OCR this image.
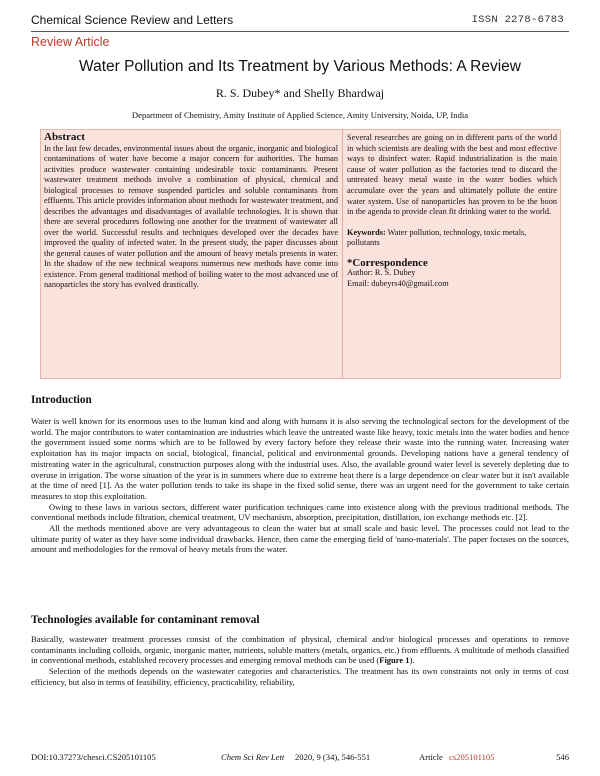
Chemical Science Review and Letters	ISSN 2278-6783
Review Article
Water Pollution and Its Treatment by Various Methods: A Review
R. S. Dubey* and Shelly Bhardwaj
Department of Chemistry, Amity Institute of Applied Science, Amity University, Noida, UP, India
Abstract
In the last few decades, environmental issues about the organic, inorganic and biological contaminations of water have become a major concern for authorities. The human activities produce wastewater containing undesirable toxic contaminants. Present wastewater treatment methods involve a combination of physical, chemical and biological processes to remove suspended particles and soluble contaminants from effluents. This article provides information about methods for wastewater treatment, and describes the advantages and disadvantages of available technologies. It is shown that there are several procedures following one another for the treatment of wastewater all over the world. Successful results and techniques developed over the decades have improved the quality of infected water. In the present study, the paper discusses about the general causes of water pollution and the amount of heavy metals presents in water. In the shadow of the new technical weapons numerous new methods have come into existence. From general traditional method of boiling water to the most advanced use of nanoparticles the story has evolved drastically.

Several researches are going on in different parts of the world in which scientists are dealing with the best and most effective ways to disinfect water. Rapid industrialization is the main cause of water pollution as the factories tend to discard the untreated heavy metal waste in the water bodies which accumulate over the years and ultimately pollute the entire water system. Use of nanoparticles has proven to be the boon in the agenda to provide clean fit drinking water to the world.

Keywords: Water pollution, technology, toxic metals, pollutants
*Correspondence
Author: R. S. Dubey
Email: dubeyrs40@gmail.com
Introduction

Water is well known for its enormous uses to the human kind and along with humans it is also serving the technological sectors for the development of the world. The major contributors to water contamination are industries which leave the untreated waste like heavy, toxic metals into the water bodies and hence the government issued some norms which are to be followed by every factory before they release their waste into the running water. Increasing water exploitation has its major impacts on social, biological, financial, political and environmental grounds. Developing nations have a general tendency of mistreating water in the agricultural, construction purposes along with the industrial uses. Also, the available ground water level is severely depleting due to overuse in irrigation. The worse situation of the year is in summers where due to extreme heat there is a large dependence on clear water but it isn't available at the time of need [1]. As the water pollution tends to take its shape in the fixed solid sense, there was an urgent need for the government to take certain measures to stop this exploitation.

Owing to these laws in various sectors, different water purification techniques came into existence along with the previous traditional methods. The conventional methods include filtration, chemical treatment, UV mechanism, absorption, precipitation, distillation, ion exchange methods etc. [2].

All the methods mentioned above are very advantageous to clean the water but at small scale and basic level. The processes could not lead to the ultimate purity of water as they have some individual drawbacks. Hence, then came the emerging field of 'nano-materials'. The paper focuses on the sources, amount and methodologies for the removal of heavy metals from the water.

Technologies available for contaminant removal

Basically, wastewater treatment processes consist of the combination of physical, chemical and/or biological processes and operations to remove contaminants including colloids, organic, inorganic matter, nutrients, soluble matters (metals, organics, etc.) from effluents. A multitude of methods classified in conventional methods, established recovery processes and emerging removal methods can be used (Figure 1).

Selection of the methods depends on the wastewater categories and characteristics. The treatment has its own constraints not only in terms of cost efficiency, but also in terms of feasibility, efficiency, practicability, reliability,

DOI:10.37273/chesci.CS205101105	Chem Sci Rev Lett 2020, 9 (34), 546-551	Article cs205101105	546
